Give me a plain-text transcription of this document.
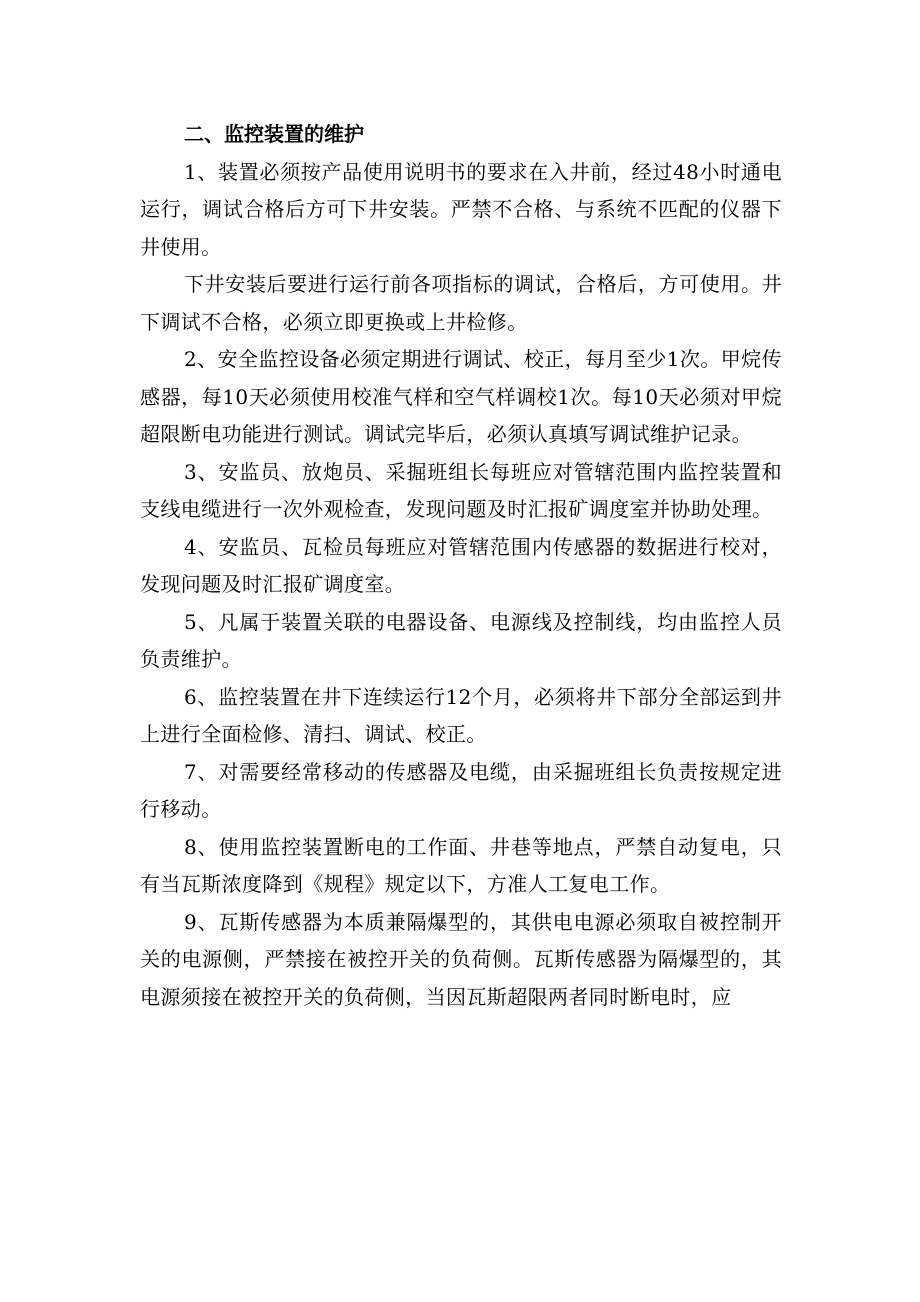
二、监控装置的维护

1、装置必须按产品使用说明书的要求在入井前，经过48小时通电运行，调试合格后方可下井安装。严禁不合格、与系统不匹配的仪器下井使用。

下井安装后要进行运行前各项指标的调试，合格后，方可使用。井下调试不合格，必须立即更换或上井检修。

2、安全监控设备必须定期进行调试、校正，每月至少1次。甲烷传感器，每10天必须使用校准气样和空气样调校1次。每10天必须对甲烷超限断电功能进行测试。调试完毕后，必须认真填写调试维护记录。

3、安监员、放炮员、采掘班组长每班应对管辖范围内监控装置和支线电缆进行一次外观检查，发现问题及时汇报矿调度室并协助处理。

4、安监员、瓦检员每班应对管辖范围内传感器的数据进行校对，发现问题及时汇报矿调度室。

5、凡属于装置关联的电器设备、电源线及控制线，均由监控人员负责维护。

6、监控装置在井下连续运行12个月，必须将井下部分全部运到井上进行全面检修、清扫、调试、校正。

7、对需要经常移动的传感器及电缆，由采掘班组长负责按规定进行移动。

8、使用监控装置断电的工作面、井巷等地点，严禁自动复电，只有当瓦斯浓度降到《规程》规定以下，方准人工复电工作。

9、瓦斯传感器为本质兼隔爆型的，其供电电源必须取自被控制开关的电源侧，严禁接在被控开关的负荷侧。瓦斯传感器为隔爆型的，其电源须接在被控开关的负荷侧，当因瓦斯超限两者同时断电时，应
